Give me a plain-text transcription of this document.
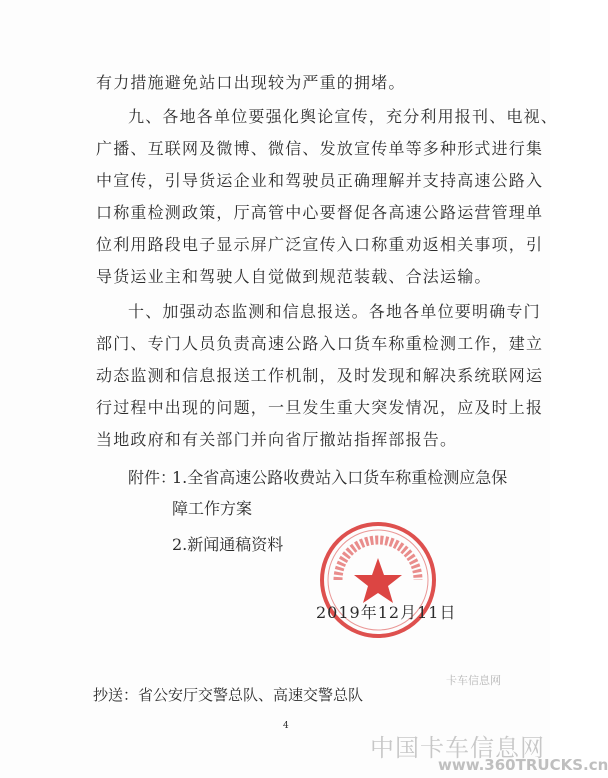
有力措施避免站口出现较为严重的拥堵。
九、各地各单位要强化舆论宣传，充分利用报刊、电视、
广播、互联网及微博、微信、发放宣传单等多种形式进行集
中宣传，引导货运企业和驾驶员正确理解并支持高速公路入
口称重检测政策，厅高管中心要督促各高速公路运营管理单
位利用路段电子显示屏广泛宣传入口称重劝返相关事项，引
导货运业主和驾驶人自觉做到规范装载、合法运输。
十、加强动态监测和信息报送。各地各单位要明确专门
部门、专门人员负责高速公路入口货车称重检测工作，建立
动态监测和信息报送工作机制，及时发现和解决系统联网运
行过程中出现的问题，一旦发生重大突发情况，应及时上报
当地政府和有关部门并向省厅撤站指挥部报告。
附件：
1.全省高速公路收费站入口货车称重检测应急保
障工作方案
2.新闻通稿资料
2019年12月11日
卡车信息网
抄送：省公安厅交警总队、高速交警总队
4
中国卡车信息网
www.360TRUCKS.cn
